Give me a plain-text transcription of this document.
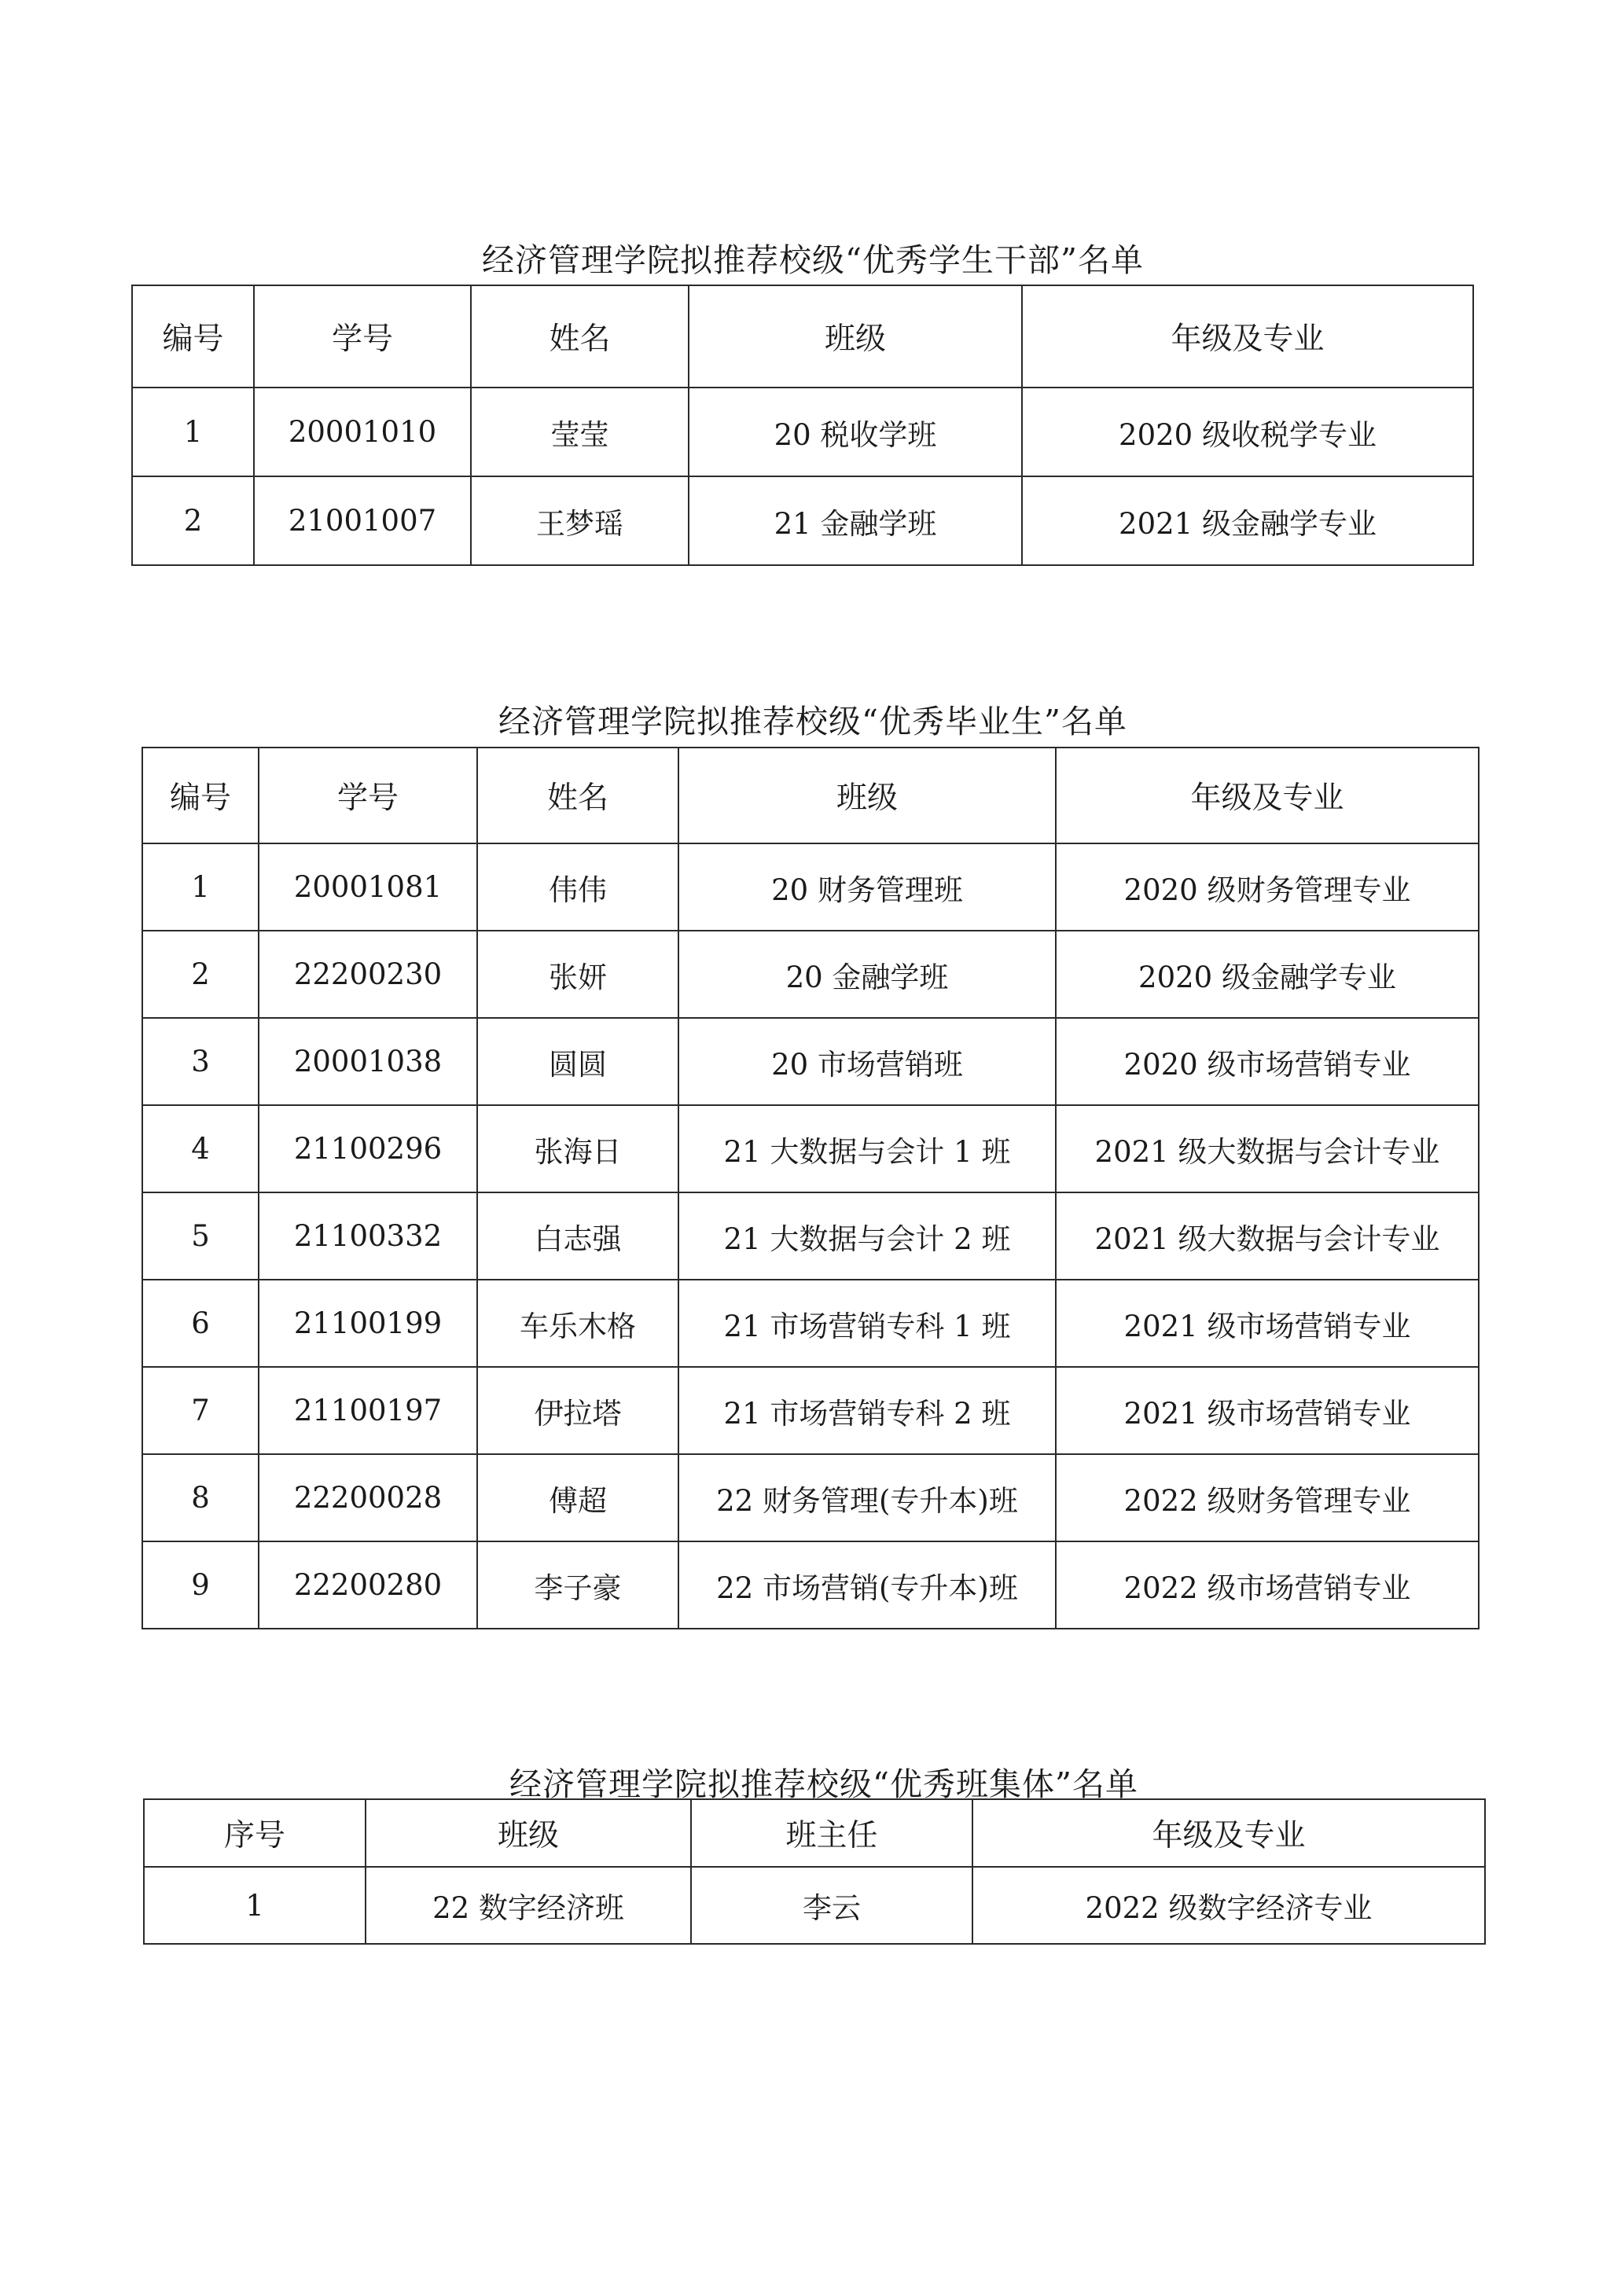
经济管理学院拟推荐校级“优秀学生干部”名单
编号	学号	姓名	班级	年级及专业
1	20001010	莹莹	20 税收学班	2020 级收税学专业
2	21001007	王梦瑶	21 金融学班	2021 级金融学专业
经济管理学院拟推荐校级“优秀毕业生”名单
编号	学号	姓名	班级	年级及专业
1	20001081	伟伟	20 财务管理班	2020 级财务管理专业
2	22200230	张妍	20 金融学班	2020 级金融学专业
3	20001038	圆圆	20 市场营销班	2020 级市场营销专业
4	21100296	张海日	21 大数据与会计 1 班	2021 级大数据与会计专业
5	21100332	白志强	21 大数据与会计 2 班	2021 级大数据与会计专业
6	21100199	车乐木格	21 市场营销专科 1 班	2021 级市场营销专业
7	21100197	伊拉塔	21 市场营销专科 2 班	2021 级市场营销专业
8	22200028	傅超	22 财务管理(专升本)班	2022 级财务管理专业
9	22200280	李子豪	22 市场营销(专升本)班	2022 级市场营销专业
经济管理学院拟推荐校级“优秀班集体”名单
序号	班级	班主任	年级及专业
1	22 数字经济班	李云	2022 级数字经济专业
